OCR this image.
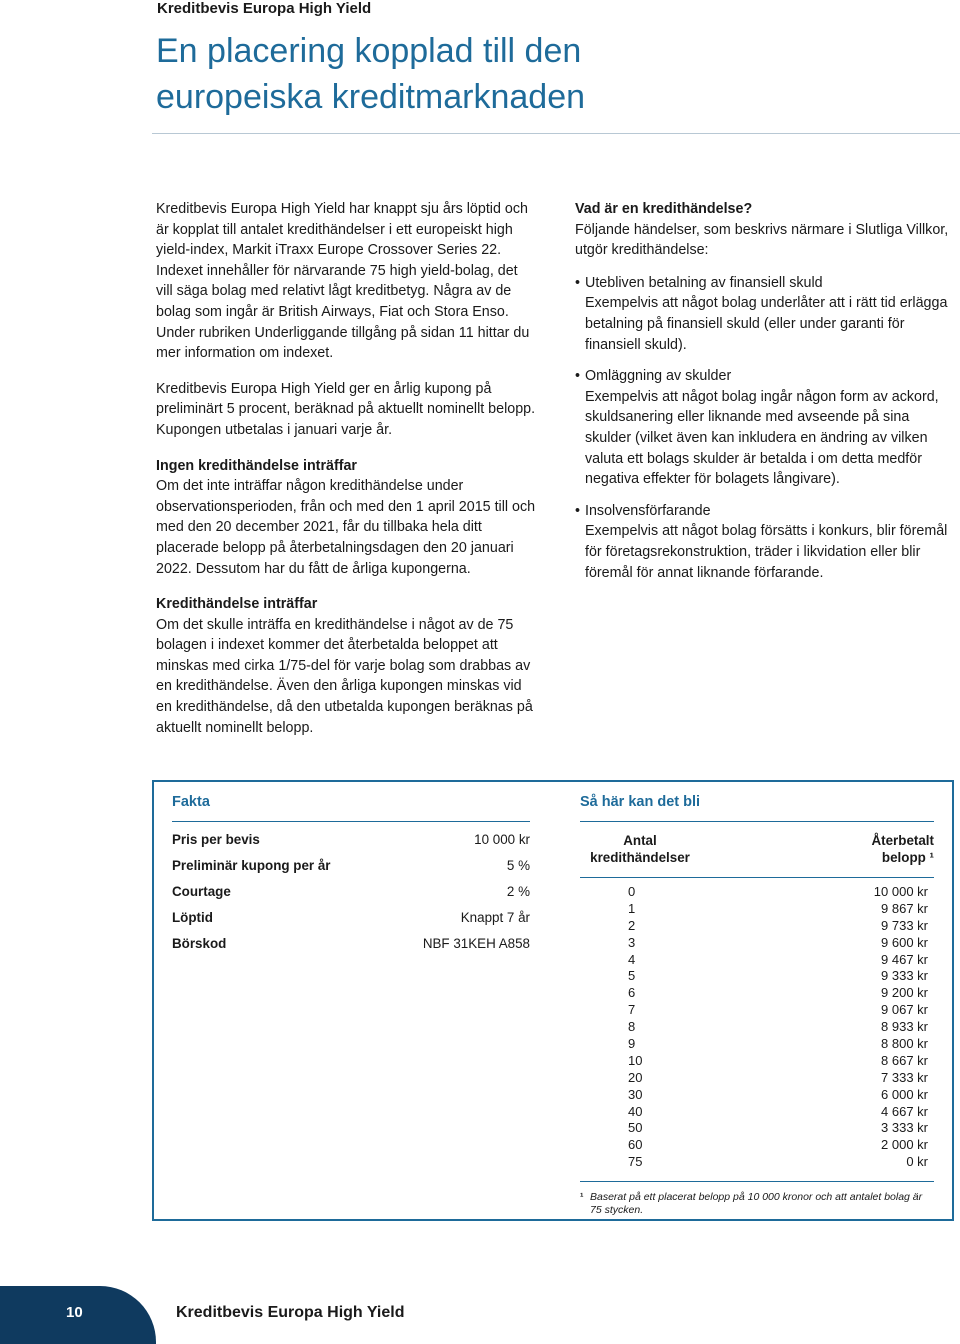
Kreditbevis Europa High Yield
En placering kopplad till den
europeiska kreditmarknaden

Kreditbevis Europa High Yield har knappt sju års löptid och är kopplat till antalet kredithändelser i ett europeiskt high yield-index, Markit iTraxx Europe Crossover Series 22. Indexet innehåller för närvarande 75 high yield-bolag, det vill säga bolag med relativt lågt kreditbetyg. Några av de bolag som ingår är British Airways, Fiat och Stora Enso. Under rubriken Underliggande tillgång på sidan 11 hittar du mer information om indexet.

Kreditbevis Europa High Yield ger en årlig kupong på preliminärt 5 procent, beräknad på aktuellt nominellt belopp. Kupongen utbetalas i januari varje år.

Ingen kredithändelse inträffar

Om det inte inträffar någon kredithändelse under observationsperioden, från och med den 1 april 2015 till och med den 20 december 2021, får du tillbaka hela ditt placerade belopp på återbetalningsdagen den 20 januari 2022. Dessutom har du fått de årliga kupongerna.

Kredithändelse inträffar

Om det skulle inträffa en kredithändelse i något av de 75 bolagen i indexet kommer det återbetalda beloppet att minskas med cirka 1/75-del för varje bolag som drabbas av en kredithändelse. Även den årliga kupongen minskas vid en kredithändelse, då den utbetalda kupongen beräknas på aktuellt nominellt belopp.

Vad är en kredithändelse?

Följande händelser, som beskrivs närmare i Slutliga Villkor, utgör kredithändelse:

• Utebliven betalning av finansiell skuld
Exempelvis att något bolag underlåter att i rätt tid erlägga betalning på finansiell skuld (eller under garanti för finansiell skuld).
• Omläggning av skulder
Exempelvis att något bolag ingår någon form av ackord, skuldsanering eller liknande med avseende på sina skulder (vilket även kan inkludera en ändring av vilken valuta ett bolags skulder är betalda i om detta medför negativa effekter för bolagets långivare).
• Insolvensförfarande
Exempelvis att något bolag försätts i konkurs, blir föremål för företagsrekonstruktion, träder i likvidation eller blir föremål för annat liknande förfarande.
Fakta
Pris per bevis	10 000 kr
Preliminär kupong per år	5 %
Courtage	2 %
Löptid	Knappt 7 år
Börskod	NBF 31KEH A858
Så här kan det bli
Antal
kredithändelser
Återbetalt
belopp ¹
0	10 000 kr
1	9 867 kr
2	9 733 kr
3	9 600 kr
4	9 467 kr
5	9 333 kr
6	9 200 kr
7	9 067 kr
8	8 933 kr
9	8 800 kr
10	8 667 kr
20	7 333 kr
30	6 000 kr
40	4 667 kr
50	3 333 kr
60	2 000 kr
75	0 kr
¹ Baserat på ett placerat belopp på 10 000 kronor och att antalet bolag är 75 stycken.
10	Kreditbevis Europa High Yield
